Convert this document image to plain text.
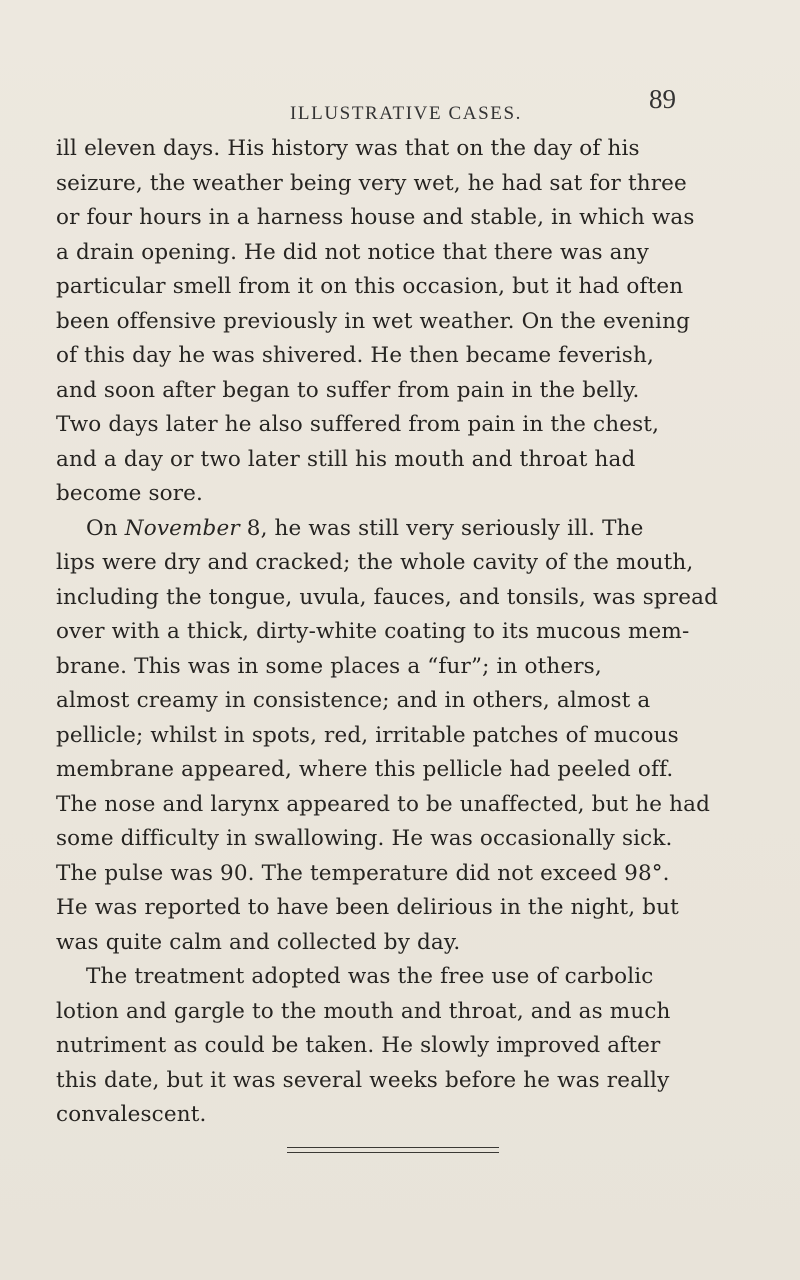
ILLUSTRATIVE CASES.	89
ill eleven days. His history was that on the day of his
seizure, the weather being very wet, he had sat for three
or four hours in a harness house and stable, in which was
a drain opening. He did not notice that there was any
particular smell from it on this occasion, but it had often
been offensive previously in wet weather. On the evening
of this day he was shivered. He then became feverish,
and soon after began to suffer from pain in the belly.
Two days later he also suffered from pain in the chest,
and a day or two later still his mouth and throat had
become sore.
On November 8, he was still very seriously ill. The
lips were dry and cracked; the whole cavity of the mouth,
including the tongue, uvula, fauces, and tonsils, was spread
over with a thick, dirty-white coating to its mucous mem-
brane. This was in some places a “fur”; in others,
almost creamy in consistence; and in others, almost a
pellicle; whilst in spots, red, irritable patches of mucous
membrane appeared, where this pellicle had peeled off.
The nose and larynx appeared to be unaffected, but he had
some difficulty in swallowing. He was occasionally sick.
The pulse was 90. The temperature did not exceed 98°.
He was reported to have been delirious in the night, but
was quite calm and collected by day.
The treatment adopted was the free use of carbolic
lotion and gargle to the mouth and throat, and as much
nutriment as could be taken. He slowly improved after
this date, but it was several weeks before he was really
convalescent.
